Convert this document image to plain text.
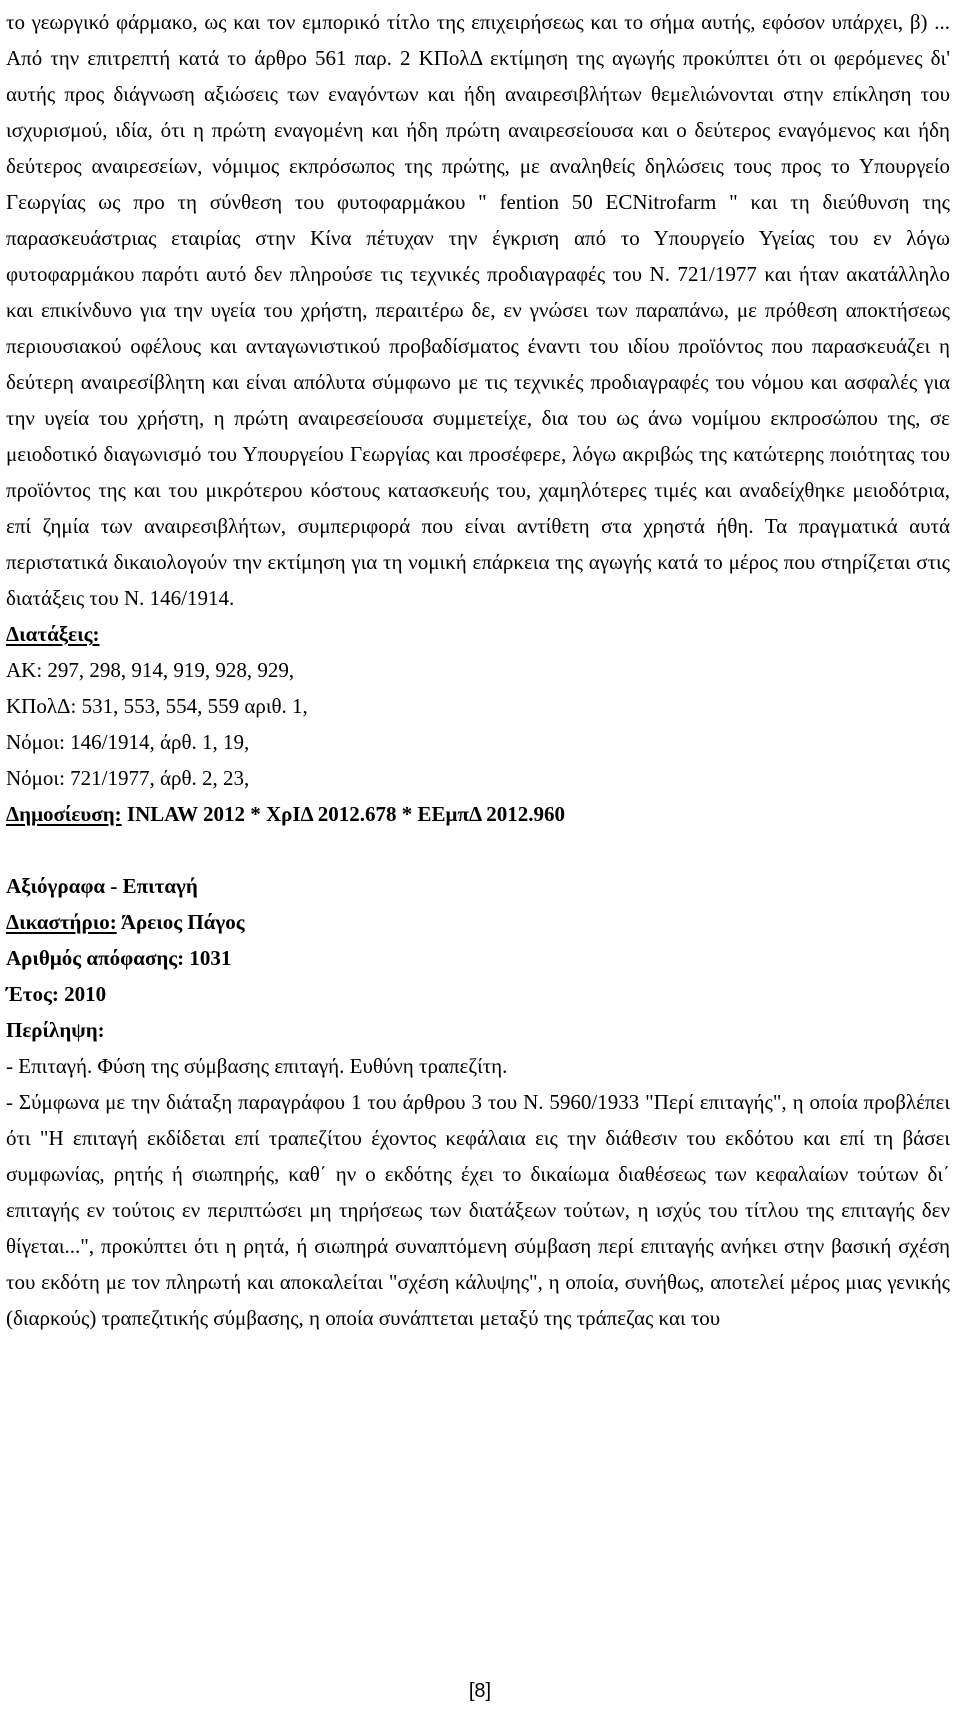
το γεωργικό φάρμακο, ως και τον εμπορικό τίτλο της επιχειρήσεως και το σήμα αυτής, εφόσον υπάρχει, β) ... Από την επιτρεπτή κατά το άρθρο 561 παρ. 2 ΚΠολΔ εκτίμηση της αγωγής προκύπτει ότι οι φερόμενες δι' αυτής προς διάγνωση αξιώσεις των εναγόντων και ήδη αναιρεσιβλήτων θεμελιώνονται στην επίκληση του ισχυρισμού, ιδία, ότι η πρώτη εναγομένη και ήδη πρώτη αναιρεσείουσα και ο δεύτερος εναγόμενος και ήδη δεύτερος αναιρεσείων, νόμιμος εκπρόσωπος της πρώτης, με αναληθείς δηλώσεις τους προς το Υπουργείο Γεωργίας ως προ τη σύνθεση του φυτοφαρμάκου " fention 50 ECNitrofarm " και τη διεύθυνση της παρασκευάστριας εταιρίας στην Κίνα πέτυχαν την έγκριση από το Υπουργείο Υγείας του εν λόγω φυτοφαρμάκου παρότι αυτό δεν πληρούσε τις τεχνικές προδιαγραφές του Ν. 721/1977 και ήταν ακατάλληλο και επικίνδυνο για την υγεία του χρήστη, περαιτέρω δε, εν γνώσει των παραπάνω, με πρόθεση αποκτήσεως περιουσιακού οφέλους και ανταγωνιστικού προβαδίσματος έναντι του ιδίου προϊόντος που παρασκευάζει η δεύτερη αναιρεσίβλητη και είναι απόλυτα σύμφωνο με τις τεχνικές προδιαγραφές του νόμου και ασφαλές για την υγεία του χρήστη, η πρώτη αναιρεσείουσα συμμετείχε, δια του ως άνω νομίμου εκπροσώπου της, σε μειοδοτικό διαγωνισμό του Υπουργείου Γεωργίας και προσέφερε, λόγω ακριβώς της κατώτερης ποιότητας του προϊόντος της και του μικρότερου κόστους κατασκευής του, χαμηλότερες τιμές και αναδείχθηκε μειοδότρια, επί ζημία των αναιρεσιβλήτων, συμπεριφορά που είναι αντίθετη στα χρηστά ήθη. Τα πραγματικά αυτά περιστατικά δικαιολογούν την εκτίμηση για τη νομική επάρκεια της αγωγής κατά το μέρος που στηρίζεται στις διατάξεις του Ν. 146/1914.

Διατάξεις:
ΑΚ: 297, 298, 914, 919, 928, 929,
ΚΠολΔ: 531, 553, 554, 559 αριθ. 1,
Νόμοι: 146/1914, άρθ. 1, 19,
Νόμοι: 721/1977, άρθ. 2, 23,
Δημοσίευση: INLAW 2012 * ΧρΙΔ 2012.678 * ΕΕμπΔ 2012.960
Αξιόγραφα - Επιταγή
Δικαστήριο: Άρειος Πάγος
Αριθμός απόφασης: 1031
Έτος: 2010
Περίληψη:

- Επιταγή. Φύση της σύμβασης επιταγή. Ευθύνη τραπεζίτη.

- Σύμφωνα με την διάταξη παραγράφου 1 του άρθρου 3 του Ν. 5960/1933 "Περί επιταγής", η οποία προβλέπει ότι "Η επιταγή εκδίδεται επί τραπεζίτου έχοντος κεφάλαια εις την διάθεσιν του εκδότου και επί τη βάσει συμφωνίας, ρητής ή σιωπηρής, καθ΄ ην ο εκδότης έχει το δικαίωμα διαθέσεως των κεφαλαίων τούτων δι΄ επιταγής εν τούτοις εν περιπτώσει μη τηρήσεως των διατάξεων τούτων, η ισχύς του τίτλου της επιταγής δεν θίγεται...", προκύπτει ότι η ρητά, ή σιωπηρά συναπτόμενη σύμβαση περί επιταγής ανήκει στην βασική σχέση του εκδότη με τον πληρωτή και αποκαλείται "σχέση κάλυψης", η οποία, συνήθως, αποτελεί μέρος μιας γενικής (διαρκούς) τραπεζιτικής σύμβασης, η οποία συνάπτεται μεταξύ της τράπεζας και του

[8]
